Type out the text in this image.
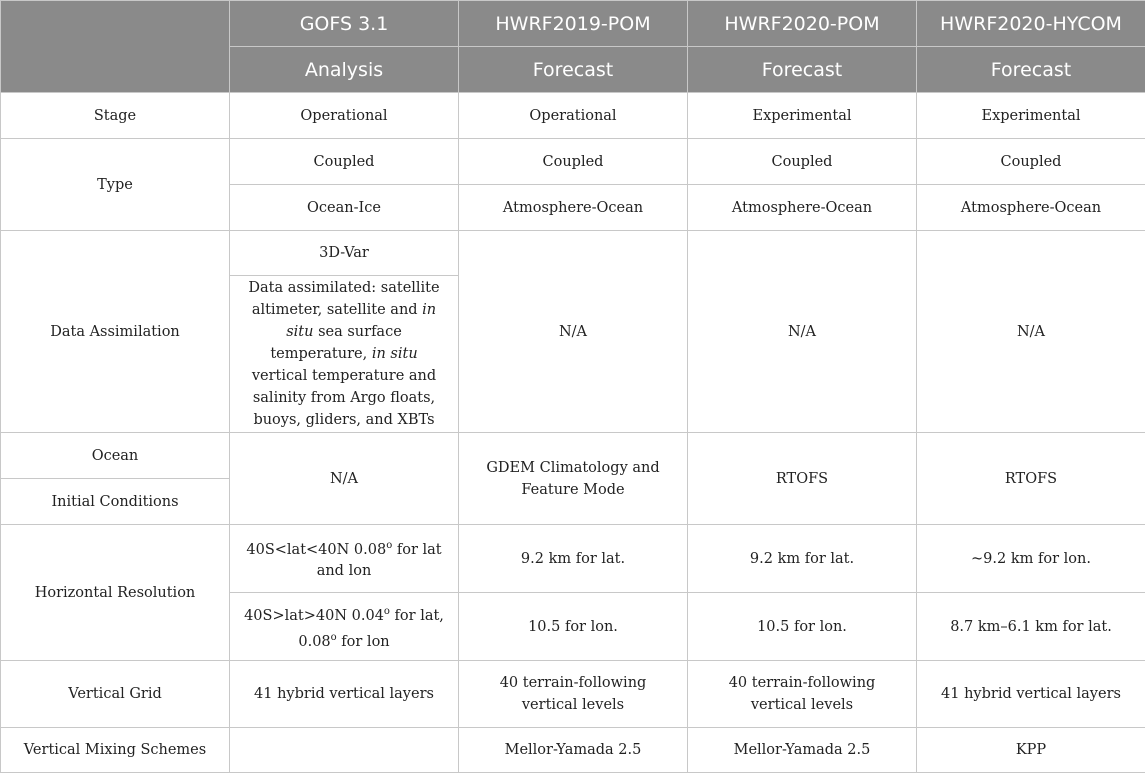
	GOFS 3.1	HWRF2019-POM	HWRF2020-POM	HWRF2020-HYCOM
	Analysis	Forecast	Forecast	Forecast
Stage	Operational	Operational	Experimental	Experimental
Type	Coupled	Coupled	Coupled	Coupled
	Ocean-Ice	Atmosphere-Ocean	Atmosphere-Ocean	Atmosphere-Ocean
Data Assimilation	3D-Var	N/A	N/A	N/A
	Data assimilated: satellite altimeter, satellite and in situ sea surface temperature, in situ vertical temperature and salinity from Argo floats, buoys, gliders, and XBTs			
Ocean	N/A	GDEM Climatology and Feature Mode	RTOFS	RTOFS
Initial Conditions				
Horizontal Resolution	40S<lat<40N 0.08$^o$ for lat and lon	9.2 km for lat.	9.2 km for lat.	~9.2 km for lon.
	40S>lat>40N 0.04$^o$ for lat, 0.08$^o$ for lon	10.5 for lon.	10.5 for lon.	8.7 km–6.1 km for lat.
Vertical Grid	41 hybrid vertical layers	40 terrain-following vertical levels	40 terrain-following vertical levels	41 hybrid vertical layers
Vertical Mixing Schemes		Mellor-Yamada 2.5	Mellor-Yamada 2.5	KPP
